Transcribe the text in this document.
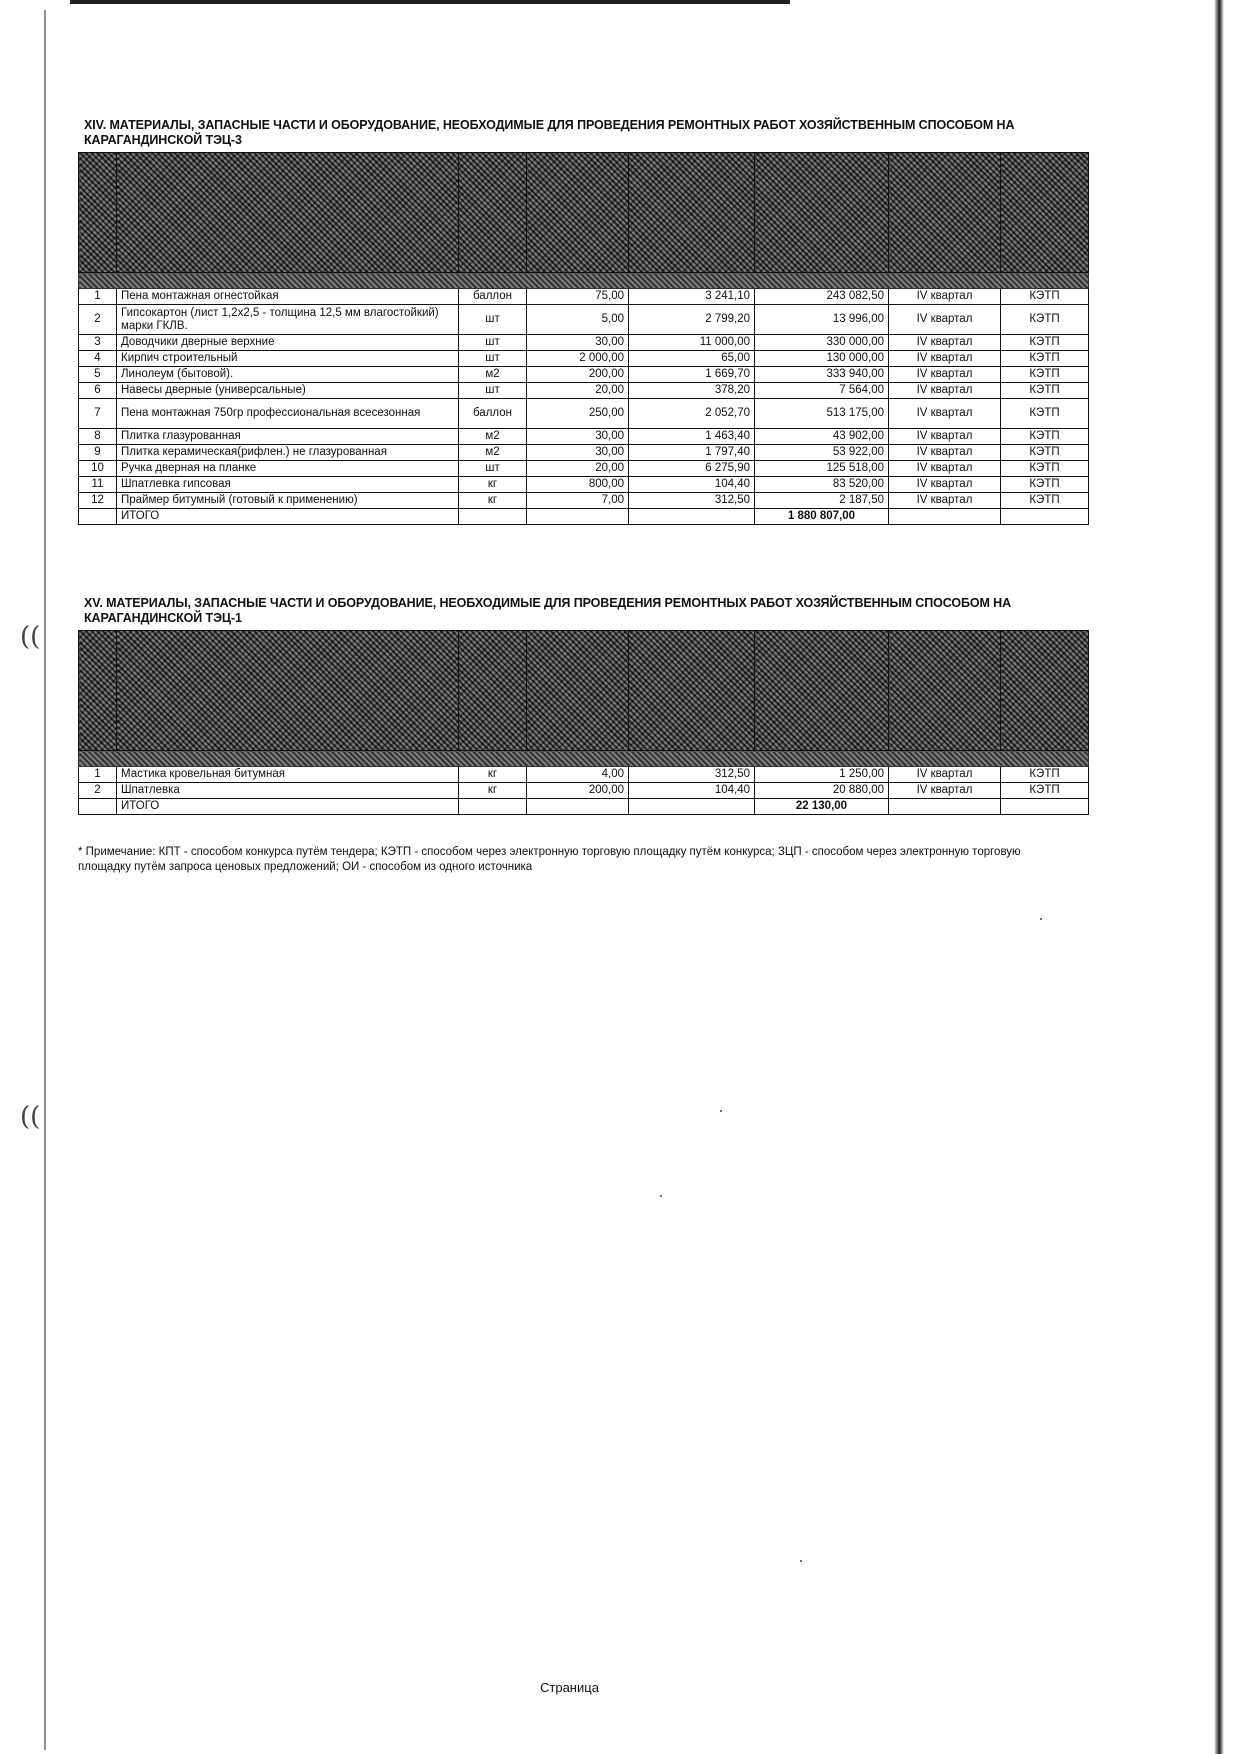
((
((
XIV. МАТЕРИАЛЫ, ЗАПАСНЫЕ ЧАСТИ И ОБОРУДОВАНИЕ, НЕОБХОДИМЫЕ ДЛЯ ПРОВЕДЕНИЯ РЕМОНТНЫХ РАБОТ ХОЗЯЙСТВЕННЫМ СПОСОБОМ НА КАРАГАНДИНСКОЙ ТЭЦ-3

1	Пена монтажная огнестойкая	баллон	75,00	3 241,10	243 082,50	IV квартал	КЭТП
2	Гипсокартон (лист 1,2х2,5 - толщина 12,5 мм влагостойкий) марки ГКЛВ.	шт	5,00	2 799,20	13 996,00	IV квартал	КЭТП
3	Доводчики дверные верхние	шт	30,00	11 000,00	330 000,00	IV квартал	КЭТП
4	Кирпич строительный	шт	2 000,00	65,00	130 000,00	IV квартал	КЭТП
5	Линолеум (бытовой).	м2	200,00	1 669,70	333 940,00	IV квартал	КЭТП
6	Навесы дверные (универсальные)	шт	20,00	378,20	7 564,00	IV квартал	КЭТП
7	Пена монтажная 750гр профессиональная всесезонная	баллон	250,00	2 052,70	513 175,00	IV квартал	КЭТП
8	Плитка глазурованная	м2	30,00	1 463,40	43 902,00	IV квартал	КЭТП
9	Плитка керамическая(рифлен.) не глазурованная	м2	30,00	1 797,40	53 922,00	IV квартал	КЭТП
10	Ручка дверная на планке	шт	20,00	6 275,90	125 518,00	IV квартал	КЭТП
11	Шпатлевка гипсовая	кг	800,00	104,40	83 520,00	IV квартал	КЭТП
12	Праймер битумный (готовый к применению)	кг	7,00	312,50	2 187,50	IV квартал	КЭТП
	ИТОГО				1 880 807,00		
XV. МАТЕРИАЛЫ, ЗАПАСНЫЕ ЧАСТИ И ОБОРУДОВАНИЕ, НЕОБХОДИМЫЕ ДЛЯ ПРОВЕДЕНИЯ РЕМОНТНЫХ РАБОТ ХОЗЯЙСТВЕННЫМ СПОСОБОМ НА КАРАГАНДИНСКОЙ ТЭЦ-1

1	Мастика кровельная битумная	кг	4,00	312,50	1 250,00	IV квартал	КЭТП
2	Шпатлевка	кг	200,00	104,40	20 880,00	IV квартал	КЭТП
	ИТОГО				22 130,00		
* Примечание: КПТ - способом конкурса путём тендера; КЭТП - способом через электронную торговую площадку путём конкурса; ЗЦП - способом через электронную торговую площадку путём запроса ценовых предложений; ОИ - способом из одного источника
Страница
